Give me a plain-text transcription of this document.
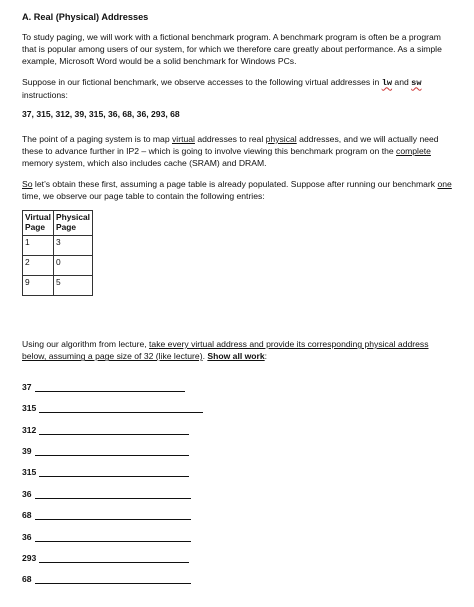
A. Real (Physical) Addresses

To study paging, we will work with a fictional benchmark program. A benchmark program is often be a program that is popular among users of our system, for which we therefore care greatly about performance. As a simple example, Microsoft Word would be a solid benchmark for Windows PCs.

Suppose in our fictional benchmark, we observe accesses to the following virtual addresses in lw and sw instructions:

37, 315, 312, 39, 315, 36, 68, 36, 293, 68

The point of a paging system is to map virtual addresses to real physical addresses, and we will actually need these to advance further in IP2 – which is going to involve viewing this benchmark program on the complete memory system, which also includes cache (SRAM) and DRAM.

So let’s obtain these first, assuming a page table is already populated. Suppose after running our benchmark one time, we observe our page table to contain the following entries:

Virtual Page	Physical Page
1	3
2	0
9	5

Using our algorithm from lecture, take every virtual address and provide its corresponding physical address below, assuming a page size of 32 (like lecture). Show all work:

37
315
312
39
315
36
68
36
293
68
